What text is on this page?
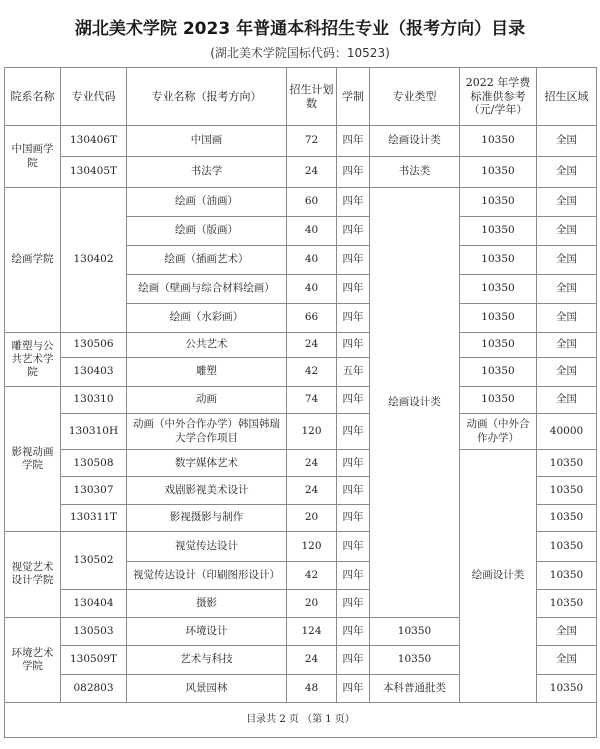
湖北美术学院 2023 年普通本科招生专业（报考方向）目录
(湖北美术学院国标代码：10523)
院系名称	专业代码	专业名称（报考方向）	招生计划数	学制	专业类型	2022 年学费标准供参考（元/学年）	招生区域	
中国画学院	130406T	中国画	72	四年	绘画设计类	10350	全国	
	130405T	书法学	24	四年	书法类	10350	全国	
绘画学院	130402	绘画（油画）	60	四年	绘画设计类	10350	全国	
		绘画（版画）	40	四年		10350	全国	
		绘画（插画艺术）	40	四年		10350	全国	
		绘画（壁画与综合材料绘画）	40	四年		10350	全国	
		绘画（水彩画）	66	四年		10350	全国	
雕塑与公共艺术学院	130506	公共艺术	24	四年		10350	全国	
	130403	雕塑	42	五年		10350	全国	
影视动画学院	130310	动画	74	四年		10350	全国	
	130310H	动画（中外合作办学）韩国韩瑞大学合作项目	120	四年		动画（中外合作办学）	40000	
	130508	数字媒体艺术	24	四年		绘画设计类	10350	
	130307	戏剧影视美术设计	24	四年			10350	
	130311T	影视摄影与制作	20	四年			10350	
视觉艺术设计学院	130502	视觉传达设计	120	四年			10350	
		视觉传达设计（印刷图形设计）	42	四年			10350	
	130404	摄影	20	四年			10350	
环境艺术学院	130503	环境设计	124	四年	10350		全国	
	130509T	艺术与科技	24	四年	10350		全国	
	082803	风景园林	48	四年	本科普通批类		10350	
目录共 2 页 （第 1 页）								
